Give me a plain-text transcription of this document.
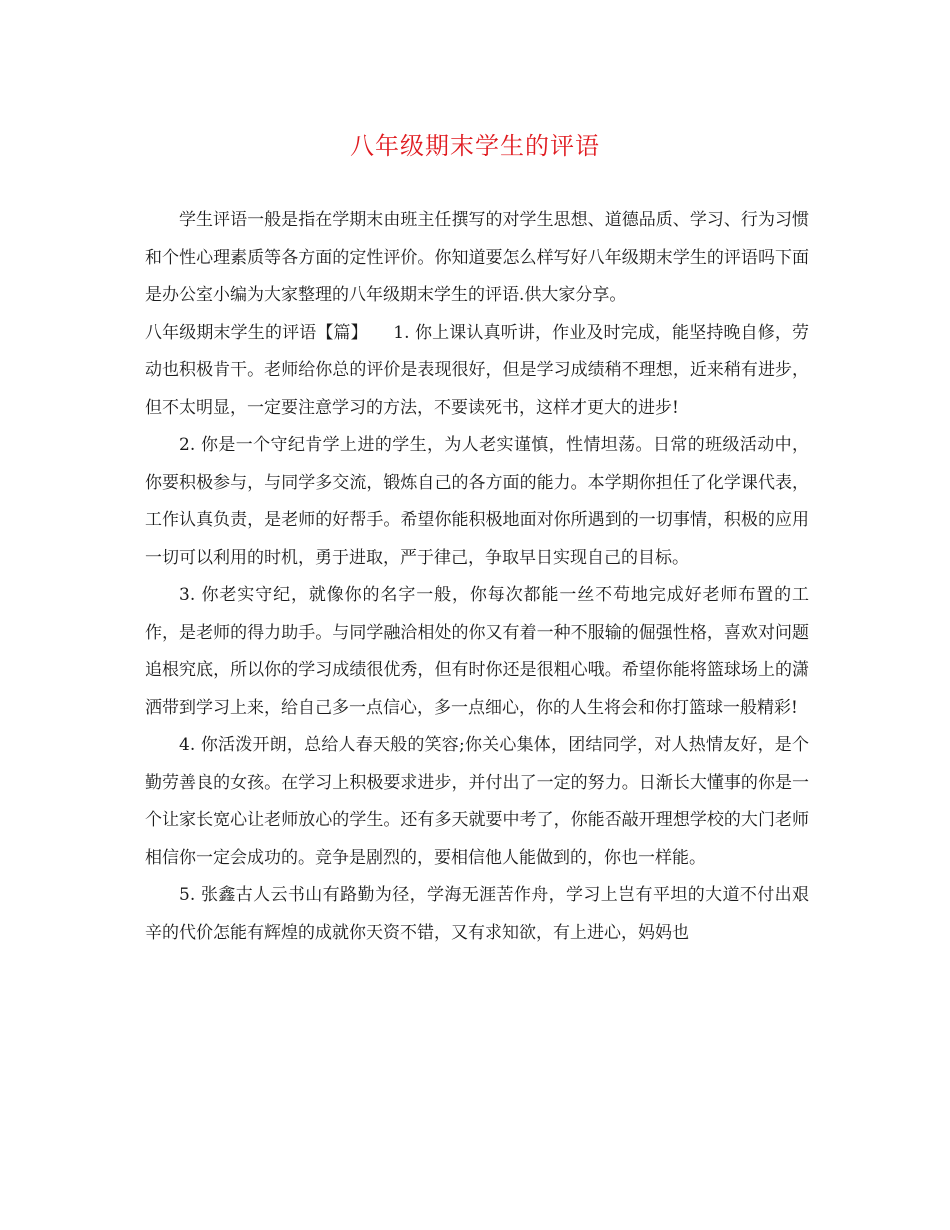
八年级期末学生的评语

学生评语一般是指在学期末由班主任撰写的对学生思想、道德品质、学习、行为习惯和个性心理素质等各方面的定性评价。你知道要怎么样写好八年级期末学生的评语吗下面是办公室小编为大家整理的八年级期末学生的评语.供大家分享。

八年级期末学生的评语【篇】   1. 你上课认真听讲，作业及时完成，能坚持晚自修，劳动也积极肯干。老师给你总的评价是表现很好，但是学习成绩稍不理想，近来稍有进步，但不太明显，一定要注意学习的方法，不要读死书，这样才更大的进步!

2. 你是一个守纪肯学上进的学生，为人老实谨慎，性情坦荡。日常的班级活动中，你要积极参与，与同学多交流，锻炼自己的各方面的能力。本学期你担任了化学课代表，工作认真负责，是老师的好帮手。希望你能积极地面对你所遇到的一切事情，积极的应用一切可以利用的时机，勇于进取，严于律己，争取早日实现自己的目标。

3. 你老实守纪，就像你的名字一般，你每次都能一丝不苟地完成好老师布置的工作，是老师的得力助手。与同学融洽相处的你又有着一种不服输的倔强性格，喜欢对问题追根究底，所以你的学习成绩很优秀，但有时你还是很粗心哦。希望你能将篮球场上的潇洒带到学习上来，给自己多一点信心，多一点细心，你的人生将会和你打篮球一般精彩!

4. 你活泼开朗，总给人春天般的笑容;你关心集体，团结同学，对人热情友好，是个勤劳善良的女孩。在学习上积极要求进步，并付出了一定的努力。日渐长大懂事的你是一个让家长宽心让老师放心的学生。还有多天就要中考了，你能否敲开理想学校的大门老师相信你一定会成功的。竞争是剧烈的，要相信他人能做到的，你也一样能。

5. 张鑫古人云书山有路勤为径，学海无涯苦作舟，学习上岂有平坦的大道不付出艰辛的代价怎能有辉煌的成就你天资不错，又有求知欲，有上进心，妈妈也
